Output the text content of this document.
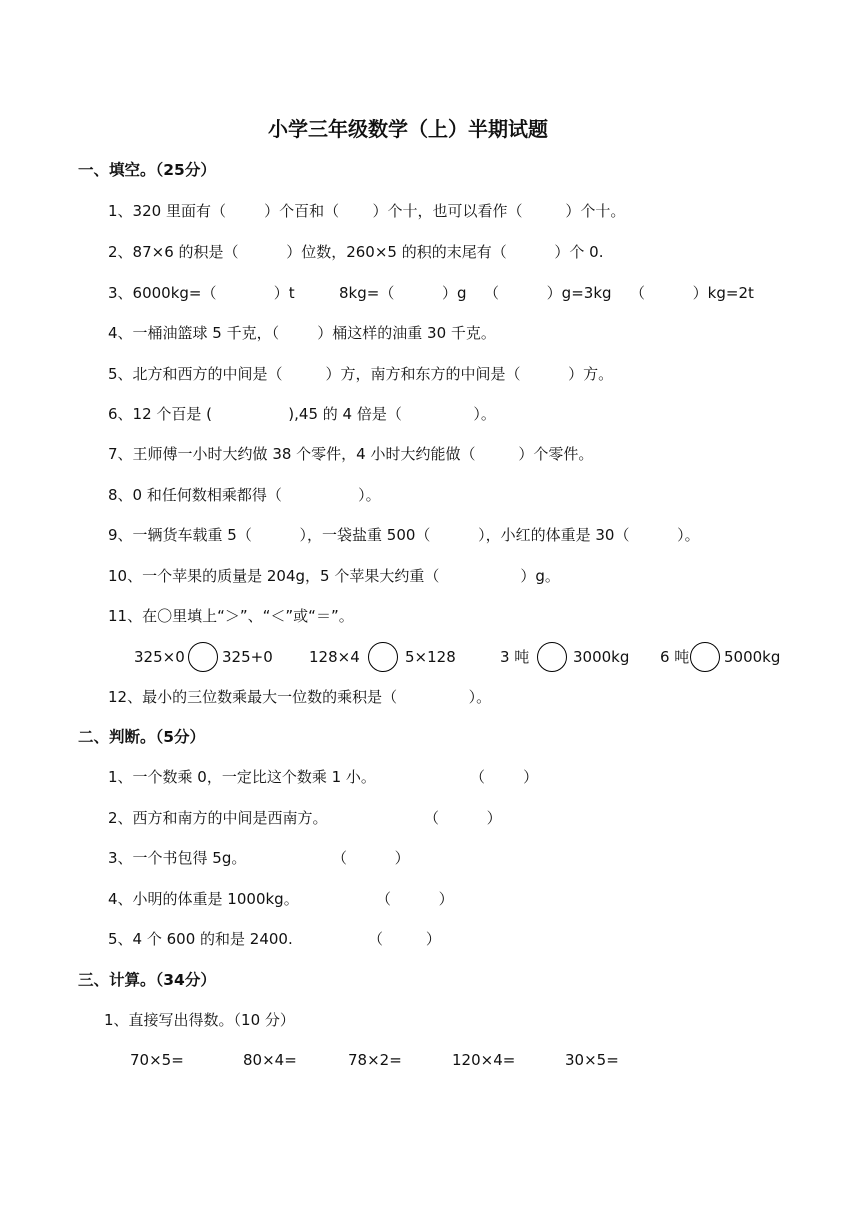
小学三年级数学（上）半期试题
一、填空。（25分）
1、320 里面有（        ）个百和（       ）个十，也可以看作（         ）个十。
2、87×6 的积是（          ）位数，260×5 的积的末尾有（          ）个 0.
3、6000kg=（            ）t	8kg=（          ）g （          ）g=3kg （          ）kg=2t
4、一桶油篮球 5 千克，（        ）桶这样的油重 30 千克。
5、北方和西方的中间是（         ）方，南方和东方的中间是（          ）方。
6、12 个百是 (                ),45 的 4 倍是（               ）。
7、王师傅一小时大约做 38 个零件，4 小时大约能做（         ）个零件。
8、0 和任何数相乘都得（                ）。
9、一辆货车载重 5（          ），一袋盐重 500（          ），小红的体重是 30（          ）。
10、一个苹果的质量是 204g，5 个苹果大约重（                 ）g。
11、在〇里填上“＞”、“＜”或“＝”。
325×0 325+0 128×4	5×128	3 吨	3000kg 6 吨 5000kg
12、最小的三位数乘最大一位数的乘积是（               ）。
二、判断。（5分）
1、一个数乘 0，一定比这个数乘 1 小。	（        ）
2、西方和南方的中间是西南方。	（          ）
3、一个书包得 5g。	（          ）
4、小明的体重是 1000kg。	（          ）
5、4 个 600 的和是 2400.	（         ）
三、计算。（34分）
1、直接写出得数。（10 分）
70×5=	80×4=	78×2=	120×4=	30×5=
